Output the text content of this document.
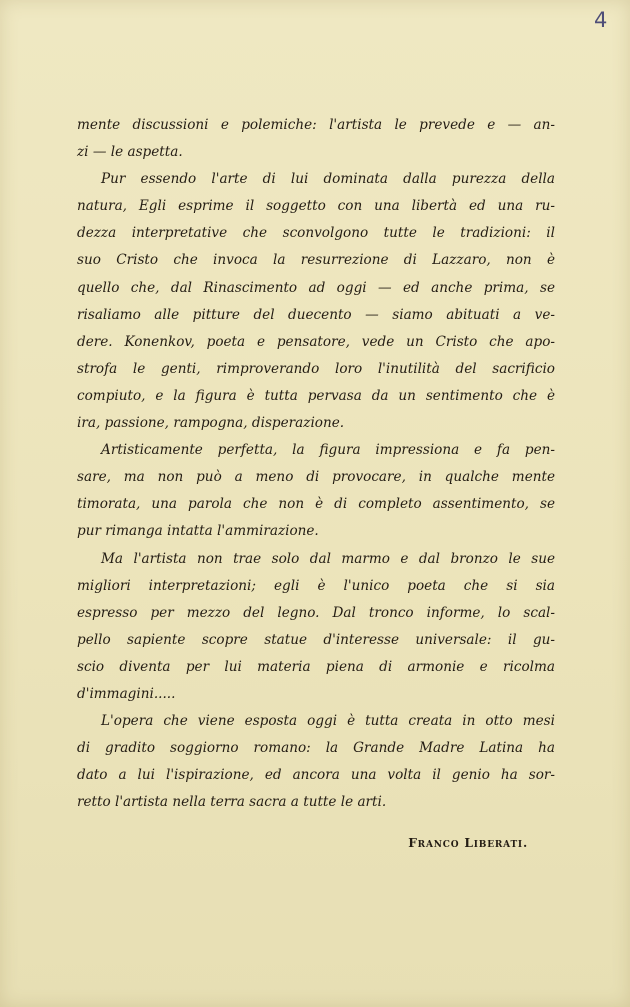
4
mente discussioni e polemiche: l'artista le prevede e — an-
zi — le aspetta.
Pur essendo l'arte di lui dominata dalla purezza della
natura, Egli esprime il soggetto con una libertà ed una ru-
dezza interpretative che sconvolgono tutte le tradizioni: il
suo Cristo che invoca la resurrezione di Lazzaro, non è
quello che, dal Rinascimento ad oggi — ed anche prima, se
risaliamo alle pitture del duecento — siamo abituati a ve-
dere. Konenkov, poeta e pensatore, vede un Cristo che apo-
strofa le genti, rimproverando loro l'inutilità del sacrificio
compiuto, e la figura è tutta pervasa da un sentimento che è
ira, passione, rampogna, disperazione.
Artisticamente perfetta, la figura impressiona e fa pen-
sare, ma non può a meno di provocare, in qualche mente
timorata, una parola che non è di completo assentimento, se
pur rimanga intatta l'ammirazione.
Ma l'artista non trae solo dal marmo e dal bronzo le sue
migliori interpretazioni; egli è l'unico poeta che si sia
espresso per mezzo del legno. Dal tronco informe, lo scal-
pello sapiente scopre statue d'interesse universale: il gu-
scio diventa per lui materia piena di armonie e ricolma
d'immagini.....
L'opera che viene esposta oggi è tutta creata in otto mesi
di gradito soggiorno romano: la Grande Madre Latina ha
dato a lui l'ispirazione, ed ancora una volta il genio ha sor-
retto l'artista nella terra sacra a tutte le arti.
Franco Liberati.
